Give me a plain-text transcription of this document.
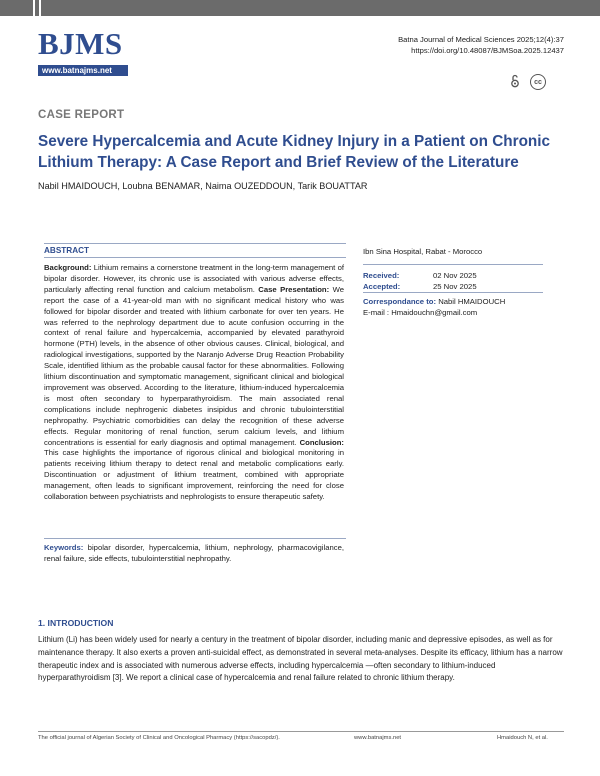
BJMS
www.batnajms.net
Batna Journal of Medical Sciences 2025;12(4):37
https://doi.org/10.48087/BJMSoa.2025.12437
cc
CASE REPORT
Severe Hypercalcemia and Acute Kidney Injury in a Patient on Chronic Lithium Therapy: A Case Report and Brief Review of the Literature
Nabil HMAIDOUCH, Loubna BENAMAR, Naima OUZEDDOUN, Tarik BOUATTAR
ABSTRACT
Background: Lithium remains a cornerstone treatment in the long-term management of bipolar disorder. However, its chronic use is associated with various adverse effects, particularly affecting renal function and calcium metabolism. Case Presentation: We report the case of a 41-year-old man with no significant medical history who was followed for bipolar disorder and treated with lithium carbonate for over ten years. He was referred to the nephrology department due to acute confusion occurring in the context of renal failure and hypercalcemia, accompanied by elevated parathyroid hormone (PTH) levels, in the absence of other obvious causes. Clinical, biological, and radiological investigations, supported by the Naranjo Adverse Drug Reaction Probability Scale, identified lithium as the probable causal factor for these abnormalities. Following lithium discontinuation and symptomatic management, significant clinical and biological improvement was observed. According to the literature, lithium-induced hypercalcemia is most often secondary to hyperparathyroidism. The main associated renal complications include nephrogenic diabetes insipidus and chronic tubulointerstitial nephropathy. Psychiatric comorbidities can delay the recognition of these adverse effects. Regular monitoring of renal function, serum calcium levels, and lithium concentrations is essential for early diagnosis and optimal management. Conclusion: This case highlights the importance of rigorous clinical and biological monitoring in patients receiving lithium therapy to detect renal and metabolic complications early. Discontinuation or adjustment of lithium treatment, combined with appropriate management, often leads to significant improvement, reinforcing the need for close collaboration between psychiatrists and nephrologists to ensure therapeutic safety.
Keywords: bipolar disorder, hypercalcemia, lithium, nephrology, pharmacovigilance, renal failure, side effects, tubulointerstitial nephropathy.
Ibn Sina Hospital, Rabat - Morocco
Received:	02 Nov 2025
Accepted:	25 Nov 2025
Correspondance to: Nabil HMAIDOUCH
E-mail : Hmaidouchn@gmail.com
1. INTRODUCTION
Lithium (Li) has been widely used for nearly a century in the treatment of bipolar disorder, including manic and depressive episodes, as well as for maintenance therapy. It also exerts a proven anti-suicidal effect, as demonstrated in several meta-analyses. Despite its efficacy, lithium has a narrow therapeutic index and is associated with numerous adverse effects, including hypercalcemia —often secondary to lithium-induced hyperparathyroidism [3]. We report a clinical case of hypercalcemia and renal failure related to chronic lithium therapy.
The official journal of Algerian Society of Clinical and Oncological Pharmacy (https://sacopdz/).	www.batnajms.net	Hmaidouch N, et al.
